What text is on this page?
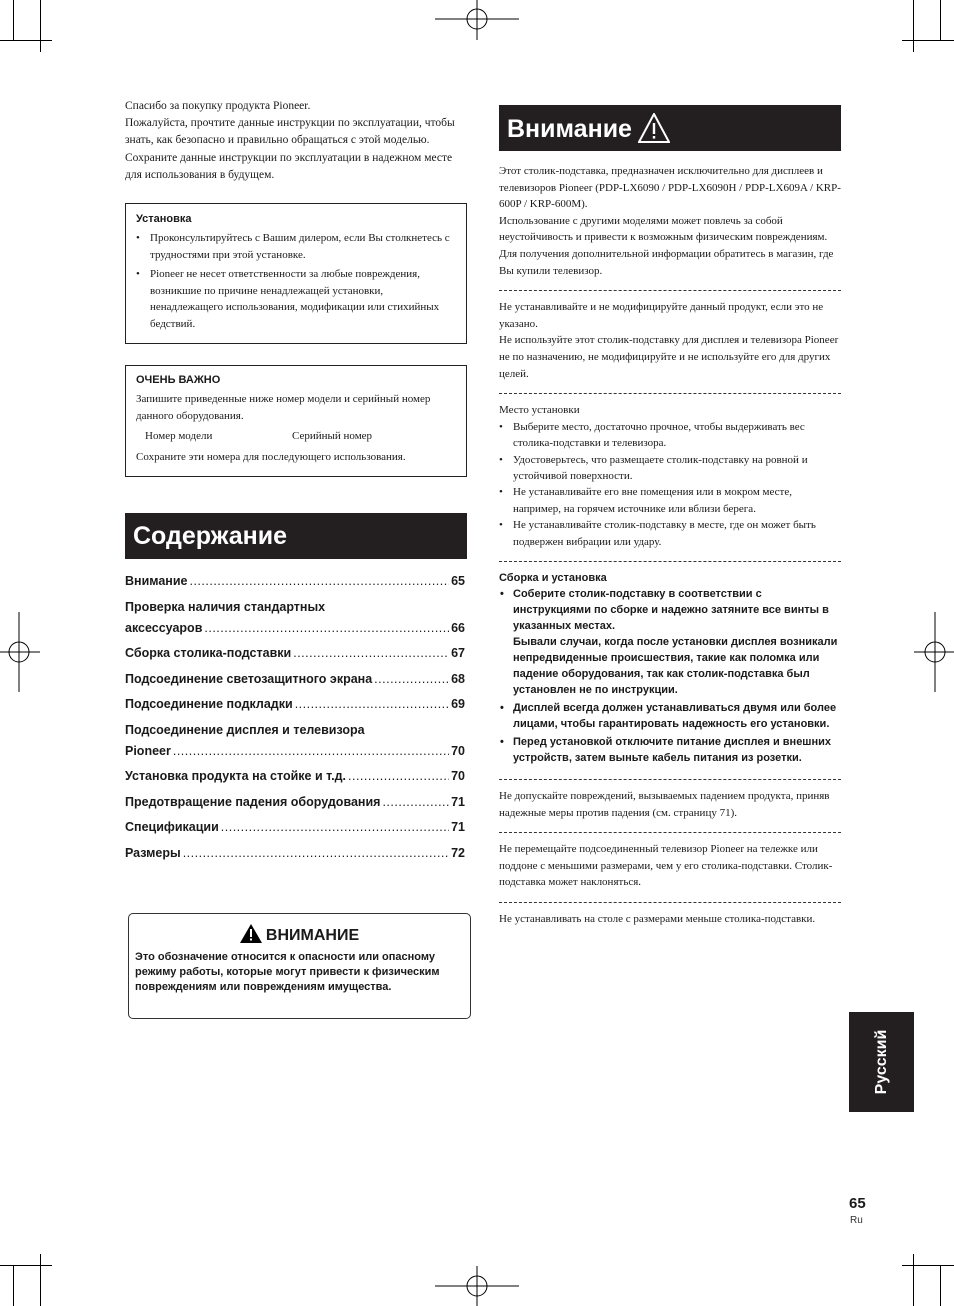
Спасибо за покупку продукта Pioneer.
Пожалуйста, прочтите данные инструкции по эксплуатации, чтобы знать, как безопасно и правильно обращаться с этой моделью. Сохраните данные инструкции по эксплуатации в надежном месте для использования в будущем.
Установка
• Проконсультируйтесь с Вашим дилером, если Вы столкнетесь с трудностями при этой установке.
• Pioneer не несет ответственности за любые повреждения, возникшие по причине ненадлежащей установки, ненадлежащего использования, модификации или стихийных бедствий.
ОЧЕНЬ ВАЖНО
Запишите приведенные ниже номер модели и серийный номер данного оборудования.
Номер модели	Серийный номер
Сохраните эти номера для последующего использования.
Содержание
Внимание .....	65
Проверка наличия стандартных
аксессуаров .....	66
Сборка столика-подставки .....	67
Подсоединение светозащитного экрана .....	68
Подсоединение подкладки .....	69
Подсоединение дисплея и телевизора
Pioneer .....	70
Установка продукта на стойке и т.д. .....	70
Предотвращение падения оборудования .....	71
Спецификации .....	71
Размеры .....	72
ВНИМАНИЕ
Это обозначение относится к опасности или опасному режиму работы, которые могут привести к физическим повреждениям или повреждениям имущества.
Внимание
Этот столик-подставка, предназначен исключительно для дисплеев и телевизоров Pioneer (PDP-LX6090 / PDP-LX6090H / PDP-LX609A / KRP-600P / KRP-600M).
Использование с другими моделями может повлечь за собой неустойчивость и привести к возможным физическим повреждениям. Для получения дополнительной информации обратитесь в магазин, где Вы купили телевизор.
Не устанавливайте и не модифицируйте данный продукт, если это не указано.
Не используйте этот столик-подставку для дисплея и телевизора Pioneer не по назначению, не модифицируйте и не используйте его для других целей.
Место установки
• Выберите место, достаточно прочное, чтобы выдерживать вес столика-подставки и телевизора.
• Удостоверьтесь, что размещаете столик-подставку на ровной и устойчивой поверхности.
• Не устанавливайте его вне помещения или в мокром месте, например, на горячем источнике или вблизи берега.
• Не устанавливайте столик-подставку в месте, где он может быть подвержен вибрации или удару.
Сборка и установка
• Соберите столик-подставку в соответствии с инструкциями по сборке и надежно затяните все винты в указанных местах.
Бывали случаи, когда после установки дисплея возникали непредвиденные происшествия, такие как поломка или падение оборудования, так как столик-подставка был установлен не по инструкции.
• Дисплей всегда должен устанавливаться двумя или более лицами, чтобы гарантировать надежность его установки.
• Перед установкой отключите питание дисплея и внешних устройств, затем выньте кабель питания из розетки.
Не допускайте повреждений, вызываемых падением продукта, приняв надежные меры против падения (см. страницу 71).
Не перемещайте подсоединенный телевизор Pioneer на тележке или поддоне с меньшими размерами, чем у его столика-подставки. Столик-подставка может наклоняться.
Не устанавливать на столе с размерами меньше столика-подставки.
Русский
65
Ru
